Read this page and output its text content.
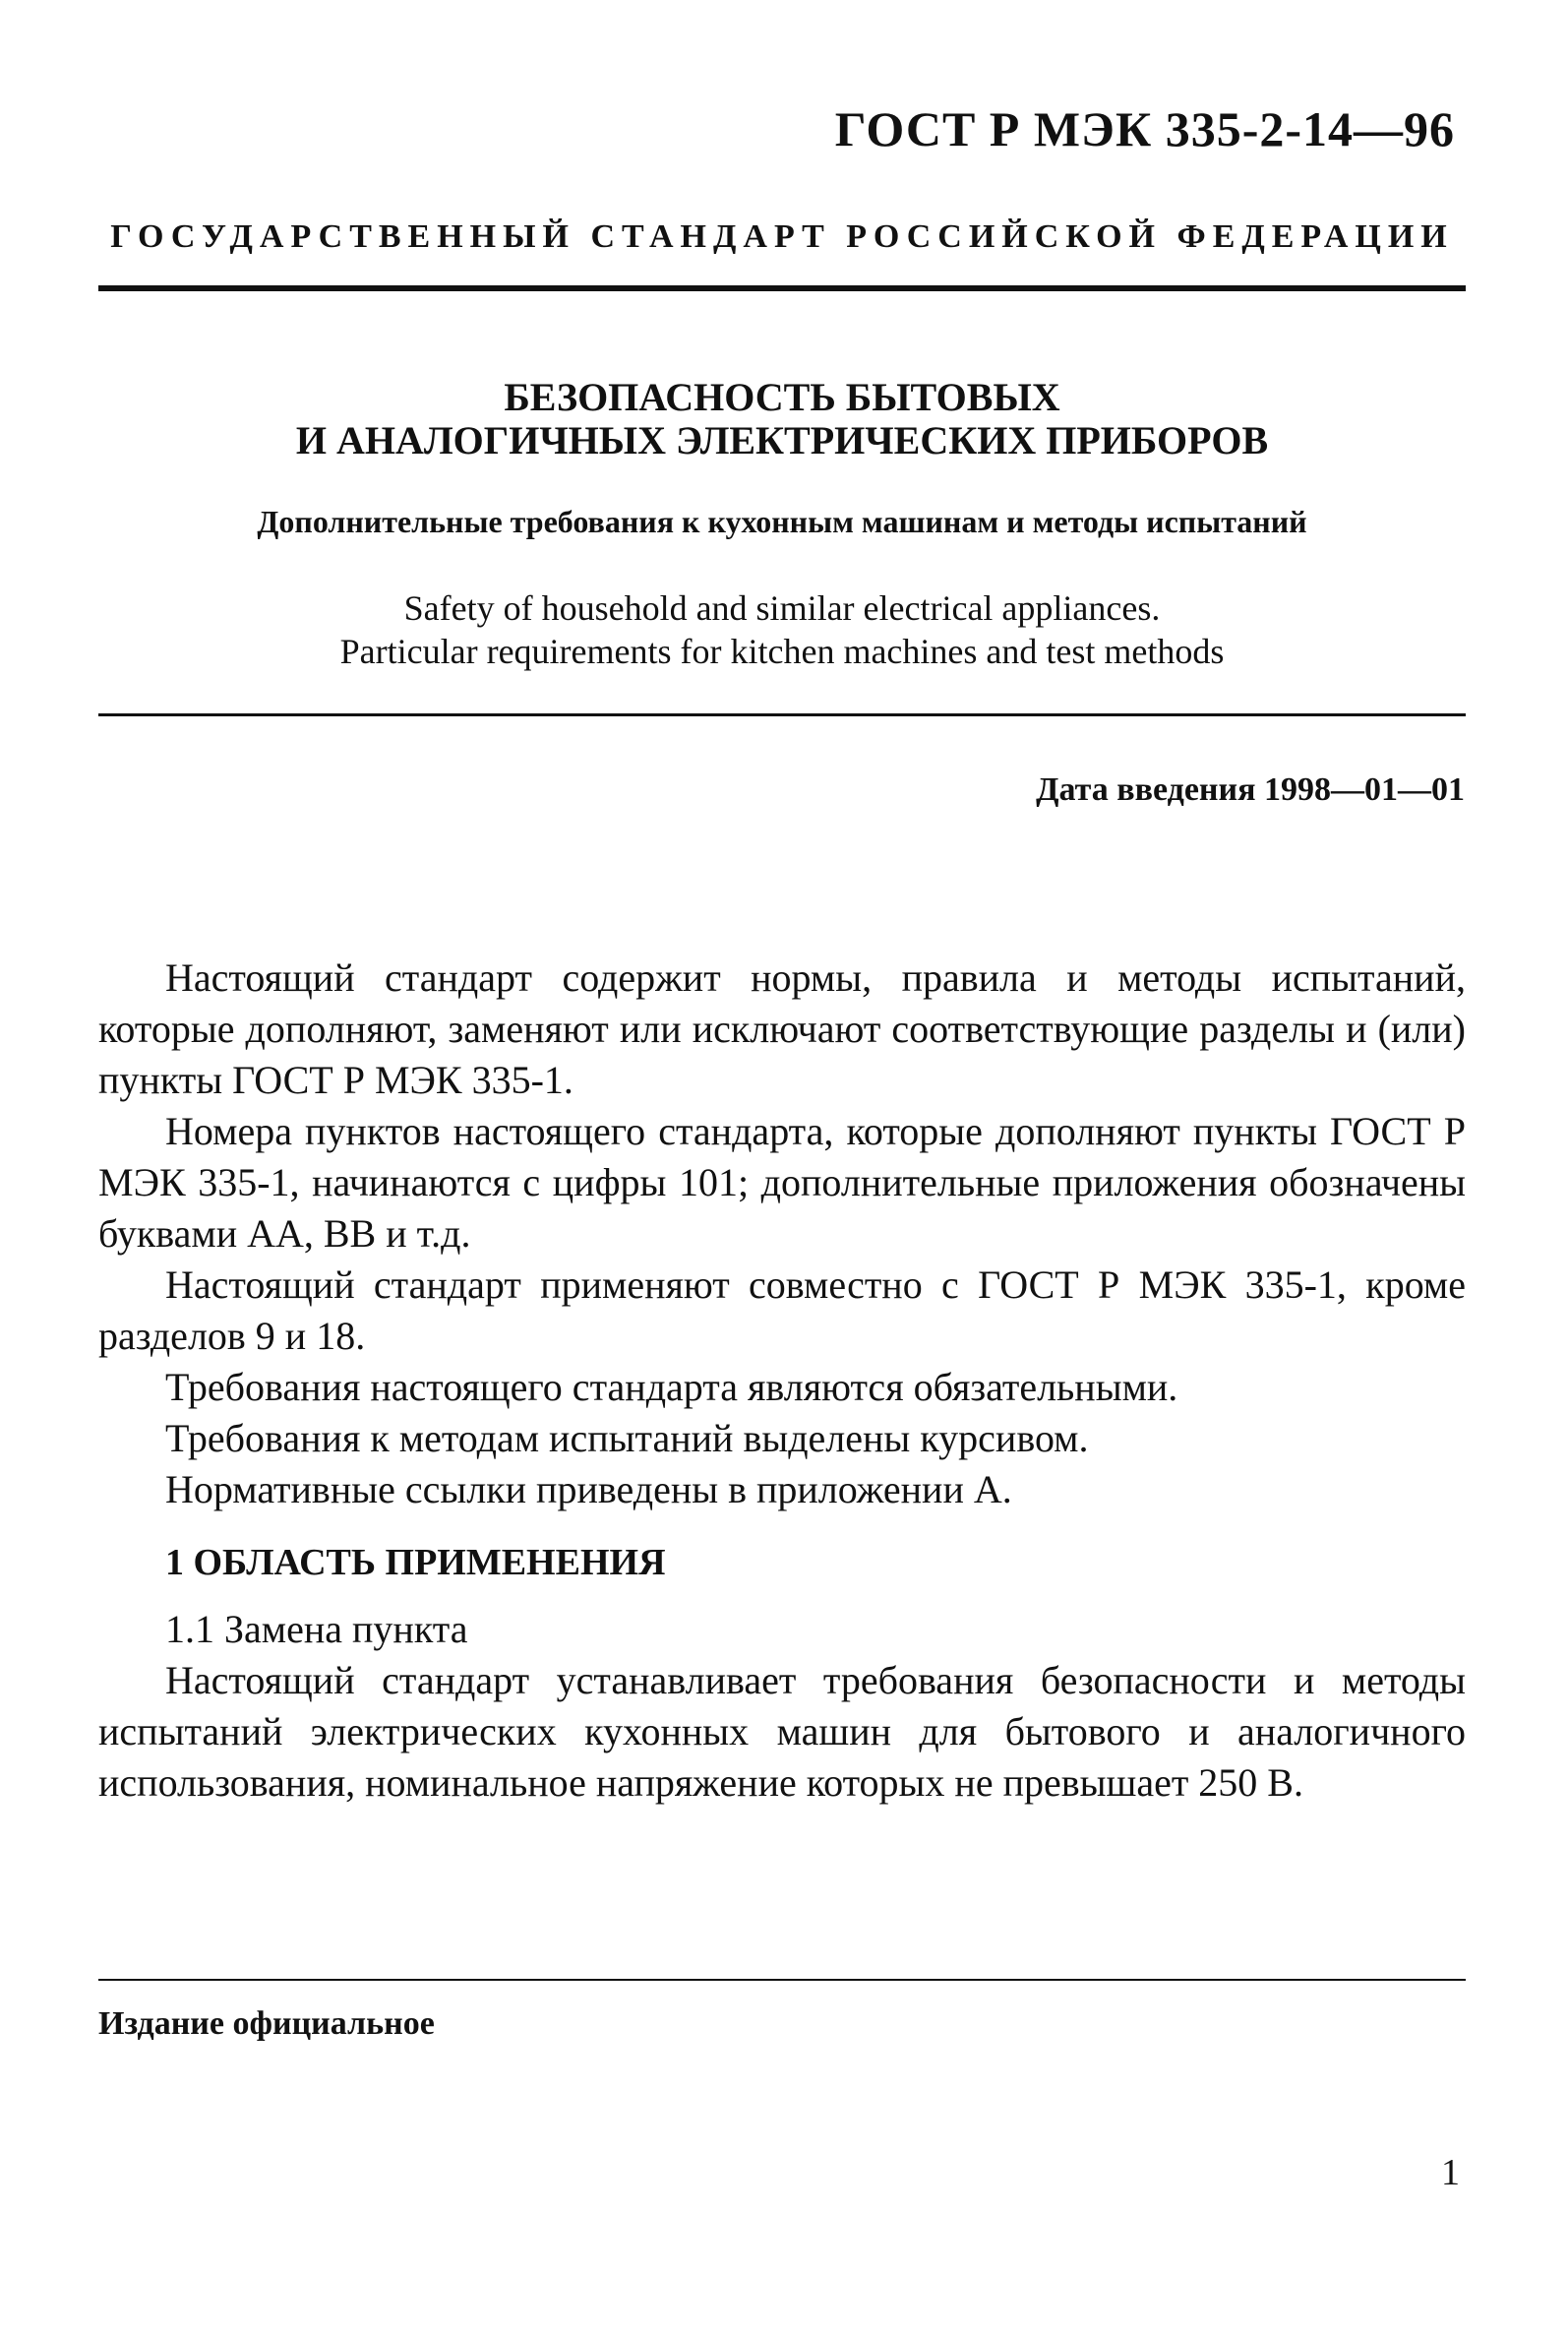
ГОСТ Р МЭК 335-2-14—96
ГОСУДАРСТВЕННЫЙ СТАНДАРТ РОССИЙСКОЙ ФЕДЕРАЦИИ
БЕЗОПАСНОСТЬ БЫТОВЫХ
И АНАЛОГИЧНЫХ ЭЛЕКТРИЧЕСКИХ ПРИБОРОВ
Дополнительные требования к кухонным машинам и методы испытаний
Safety of household and similar electrical appliances.
Particular requirements for kitchen machines and test methods
Дата введения 1998—01—01

Настоящий стандарт содержит нормы, правила и методы испытаний, которые дополняют, заменяют или исключают соответствующие разделы и (или) пункты ГОСТ Р МЭК 335-1.

Номера пунктов настоящего стандарта, которые дополняют пункты ГОСТ Р МЭК 335-1, начинаются с цифры 101; дополнительные приложения обозначены буквами АА, ВВ и т.д.

Настоящий стандарт применяют совместно с ГОСТ Р МЭК 335-1, кроме разделов 9 и 18.

Требования настоящего стандарта являются обязательными.

Требования к методам испытаний выделены курсивом.

Нормативные ссылки приведены в приложении А.

1 ОБЛАСТЬ ПРИМЕНЕНИЯ

1.1 Замена пункта

Настоящий стандарт устанавливает требования безопасности и методы испытаний электрических кухонных машин для бытового и аналогичного использования, номинальное напряжение которых не превышает 250 В.

Издание официальное
1
